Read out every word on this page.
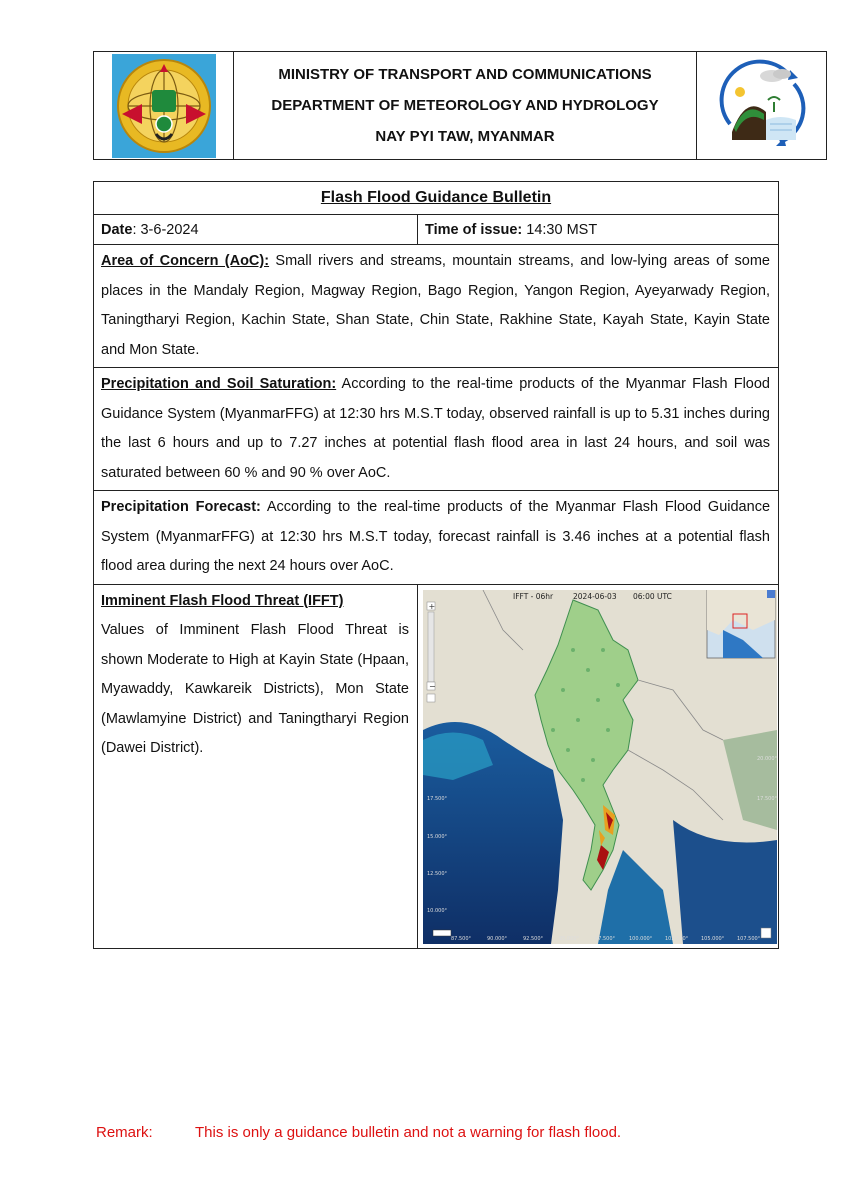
MINISTRY OF TRANSPORT AND COMMUNICATIONS
DEPARTMENT OF METEOROLOGY AND HYDROLOGY
NAY PYI TAW, MYANMAR
Flash Flood Guidance Bulletin
Date : 3-6-2024	Time of issue: 14:30 MST
Area of Concern (AoC): Small rivers and streams, mountain streams, and low-lying areas of some places in the Mandaly Region, Magway Region, Bago Region, Yangon Region, Ayeyarwady Region, Taningtharyi Region, Kachin State, Shan State, Chin State, Rakhine State, Kayah State, Kayin State and Mon State.
Precipitation and Soil Saturation: According to the real-time products of the Myanmar Flash Flood Guidance System (MyanmarFFG) at 12:30 hrs M.S.T today, observed rainfall is up to 5.31 inches during the last 6 hours and up to 7.27 inches at potential flash flood area in last 24 hours, and soil was saturated between 60 % and 90 % over AoC.
Precipitation Forecast: According to the real-time products of the Myanmar Flash Flood Guidance System (MyanmarFFG) at 12:30 hrs M.S.T today, forecast rainfall is 3.46 inches at a potential flash flood area during the next 24 hours over AoC.
Imminent Flash Flood Threat (IFFT)
Values of Imminent Flash Flood Threat is shown Moderate to High at Kayin State (Hpaan, Myawaddy, Kawkareik Districts), Mon State (Mawlamyine District) and Taningtharyi Region (Dawei District).
17.500°
15.000°
12.500°
10.000°
20.000°
17.500°
87.500°	90.000°	92.500°	95.000°	97.500°	100.000°	102.500°	105.000°	107.500°
IFFT - 06hr	2024-06-03 06:00 UTC
+
−
Remark:	This is only a guidance bulletin and not a warning for flash flood.
